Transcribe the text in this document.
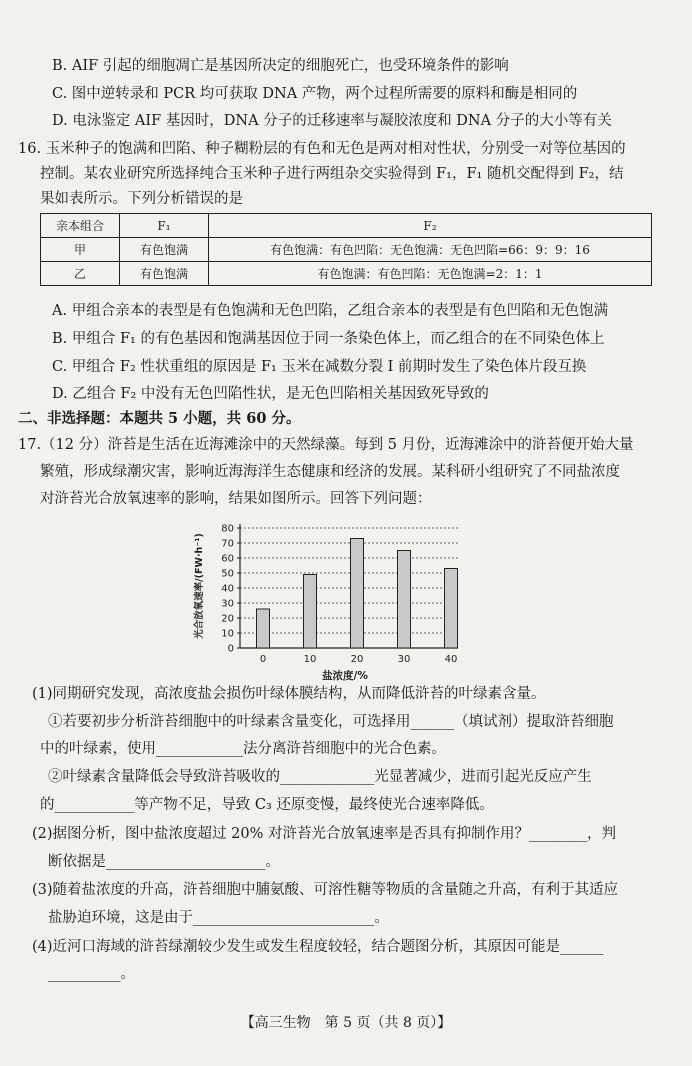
B. AIF 引起的细胞凋亡是基因所决定的细胞死亡，也受环境条件的影响
C. 图中逆转录和 PCR 均可获取 DNA 产物，两个过程所需要的原料和酶是相同的
D. 电泳鉴定 AIF 基因时，DNA 分子的迁移速率与凝胶浓度和 DNA 分子的大小等有关
16. 玉米种子的饱满和凹陷、种子糊粉层的有色和无色是两对相对性状，分别受一对等位基因的
控制。某农业研究所选择纯合玉米种子进行两组杂交实验得到 F₁，F₁ 随机交配得到 F₂，结
果如表所示。下列分析错误的是
亲本组合	F₁	F₂
甲	有色饱满	有色饱满：有色凹陷：无色饱满：无色凹陷=66：9：9：16
乙	有色饱满	有色饱满：有色凹陷：无色饱满=2：1：1
A. 甲组合亲本的表型是有色饱满和无色凹陷，乙组合亲本的表型是有色凹陷和无色饱满
B. 甲组合 F₁ 的有色基因和饱满基因位于同一条染色体上，而乙组合的在不同染色体上
C. 甲组合 F₂ 性状重组的原因是 F₁ 玉米在减数分裂 Ⅰ 前期时发生了染色体片段互换
D. 乙组合 F₂ 中没有无色凹陷性状，是无色凹陷相关基因致死导致的
二、非选择题：本题共 5 小题，共 60 分。
17.（12 分）浒苔是生活在近海滩涂中的天然绿藻。每到 5 月份，近海滩涂中的浒苔便开始大量
繁殖，形成绿潮灾害，影响近海海洋生态健康和经济的发展。某科研小组研究了不同盐浓度
对浒苔光合放氧速率的影响，结果如图所示。回答下列问题：
0
10
20
30
40
50
60
70
80
0	10	20	30	40
盐浓度/%
光合放氧速率/(FW·h⁻¹)
(1)同期研究发现，高浓度盐会损伤叶绿体膜结构，从而降低浒苔的叶绿素含量。
①若要初步分析浒苔细胞中的叶绿素含量变化，可选择用______（填试剂）提取浒苔细胞
中的叶绿素，使用____________法分离浒苔细胞中的光合色素。
②叶绿素含量降低会导致浒苔吸收的_____________光显著减少，进而引起光反应产生
的___________等产物不足，导致 C₃ 还原变慢，最终使光合速率降低。
(2)据图分析，图中盐浓度超过 20% 对浒苔光合放氧速率是否具有抑制作用？________，判
断依据是______________________。
(3)随着盐浓度的升高，浒苔细胞中脯氨酸、可溶性糖等物质的含量随之升高，有利于其适应
盐胁迫环境，这是由于_________________________。
(4)近河口海域的浒苔绿潮较少发生或发生程度较轻，结合题图分析，其原因可能是______
__________。
【高三生物　第 5 页（共 8 页）】
